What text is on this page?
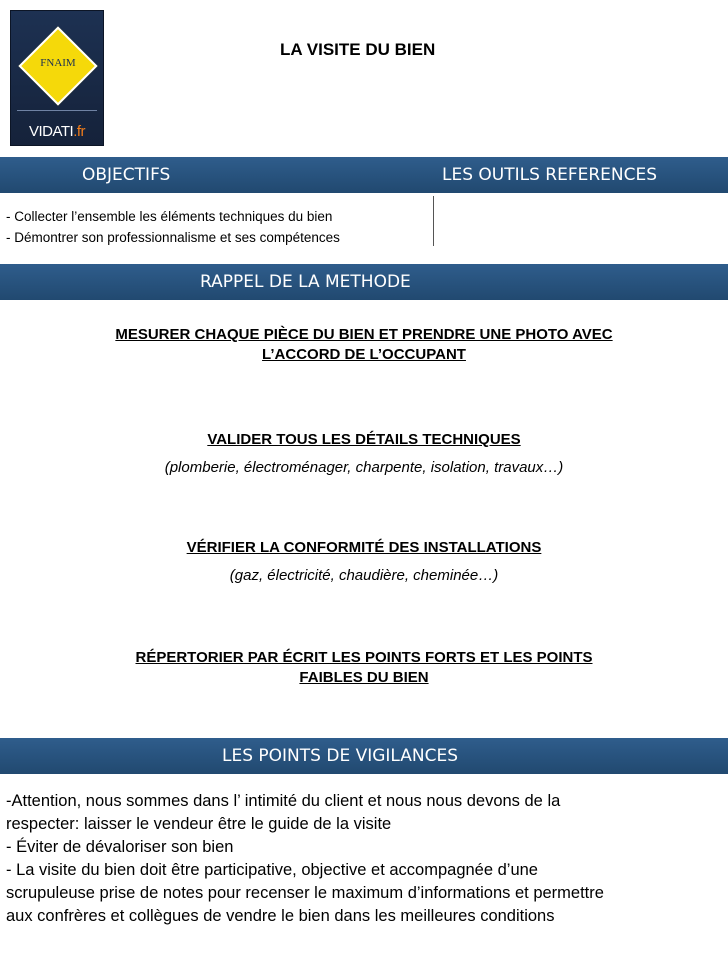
FNAIM
VIDATI.fr
LA VISITE DU BIEN
OBJECTIFS	LES OUTILS REFERENCES
- Collecter l’ensemble les éléments techniques du bien
- Démontrer son professionnalisme et ses compétences
RAPPEL DE LA METHODE
MESURER CHAQUE PIÈCE DU BIEN ET PRENDRE UNE PHOTO AVEC
L’ACCORD DE L’OCCUPANT
VALIDER TOUS LES DÉTAILS TECHNIQUES
(plomberie, électroménager, charpente, isolation, travaux…)
VÉRIFIER LA CONFORMITÉ DES INSTALLATIONS
(gaz, électricité, chaudière, cheminée…)
RÉPERTORIER PAR ÉCRIT LES POINTS FORTS ET LES POINTS
FAIBLES DU BIEN
LES POINTS DE VIGILANCES
-Attention, nous sommes dans l’ intimité du client et nous nous devons de la
respecter: laisser le vendeur être le guide de la visite
- Éviter de dévaloriser son bien
- La visite du bien doit être participative, objective et accompagnée d’une
scrupuleuse prise de notes pour recenser le maximum d’informations et permettre
aux confrères et collègues de vendre le bien dans les meilleures conditions
